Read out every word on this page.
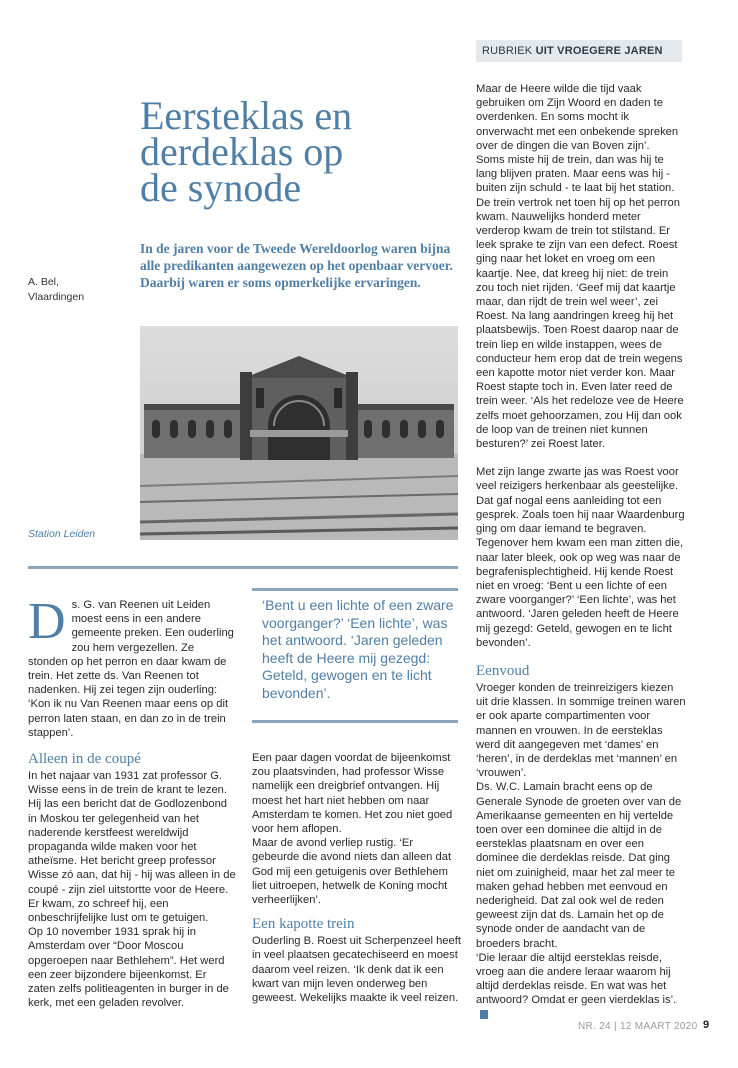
RUBRIEK UIT VROEGERE JAREN
Eersteklas en
derdeklas op
de synode
In de jaren voor de Tweede Wereldoorlog waren bijna alle predikanten aangewezen op het openbaar vervoer. Daarbij waren er soms opmerkelijke ervaringen.
A. Bel,
Vlaardingen
Station Leiden
D s. G. van Reenen uit Leiden moest eens in een andere gemeente preken. Een ouderling zou hem vergezellen. Ze stonden op het perron en daar kwam de trein. Het zette ds. Van Reenen tot nadenken. Hij zei tegen zijn ouderling: ‘Kon ik nu Van Reenen maar eens op dit perron laten staan, en dan zo in de trein stappen’.

Alleen in de coupé

In het najaar van 1931 zat professor G. Wisse eens in de trein de krant te lezen. Hij las een bericht dat de Godlozenbond in Moskou ter gelegenheid van het naderende kerstfeest wereldwijd propaganda wilde maken voor het atheïsme. Het bericht greep professor Wisse zó aan, dat hij - hij was alleen in de coupé - zijn ziel uitstortte voor de Heere. Er kwam, zo schreef hij, een onbeschrijfelijke lust om te getuigen.

Op 10 november 1931 sprak hij in Amsterdam over “Door Moscou opgeroepen naar Bethlehem”. Het werd een zeer bijzondere bijeenkomst. Er zaten zelfs politieagenten in burger in de kerk, met een geladen revolver.

‘Bent u een lichte of een zware voorganger?’ ‘Een lichte’, was het antwoord. ‘Jaren geleden heeft de Heere mij gezegd: Geteld, gewogen en te licht bevonden’.

Een paar dagen voordat de bijeenkomst zou plaatsvinden, had professor Wisse namelijk een dreigbrief ontvangen. Hij moest het hart niet hebben om naar Amsterdam te komen. Het zou niet goed voor hem aflopen.

Maar de avond verliep rustig. ‘Er gebeurde die avond niets dan alleen dat God mij een getuigenis over Bethlehem liet uitroepen, hetwelk de Koning mocht verheerlijken’.

Een kapotte trein

Ouderling B. Roest uit Scherpenzeel heeft in veel plaatsen gecatechiseerd en moest daarom veel reizen. ‘Ik denk dat ik een kwart van mijn leven onderweg ben geweest. Wekelijks maakte ik veel reizen.

Maar de Heere wilde die tijd vaak gebruiken om Zijn Woord en daden te overdenken. En soms mocht ik onverwacht met een onbekende spreken over de dingen die van Boven zijn’.

Soms miste hij de trein, dan was hij te lang blijven praten. Maar eens was hij - buiten zijn schuld - te laat bij het station. De trein vertrok net toen hij op het perron kwam. Nauwelijks honderd meter verderop kwam de trein tot stilstand. Er leek sprake te zijn van een defect. Roest ging naar het loket en vroeg om een kaartje. Nee, dat kreeg hij niet: de trein zou toch niet rijden. ‘Geef mij dat kaartje maar, dan rijdt de trein wel weer’, zei Roest. Na lang aandringen kreeg hij het plaatsbewijs. Toen Roest daarop naar de trein liep en wilde instappen, wees de conducteur hem erop dat de trein wegens een kapotte motor niet verder kon. Maar Roest stapte toch in. Even later reed de trein weer. ‘Als het redeloze vee de Heere zelfs moet gehoorzamen, zou Hij dan ook de loop van de treinen niet kunnen besturen?’ zei Roest later.

Met zijn lange zwarte jas was Roest voor veel reizigers herkenbaar als geestelijke. Dat gaf nogal eens aanleiding tot een gesprek. Zoals toen hij naar Waardenburg ging om daar iemand te begraven. Tegenover hem kwam een man zitten die, naar later bleek, ook op weg was naar de begrafenisplechtigheid. Hij kende Roest niet en vroeg: ‘Bent u een lichte of een zware voorganger?’ ‘Een lichte’, was het antwoord. ‘Jaren geleden heeft de Heere mij gezegd: Geteld, gewogen en te licht bevonden’.

Eenvoud

Vroeger konden de treinreizigers kiezen uit drie klassen. In sommige treinen waren er ook aparte compartimenten voor mannen en vrouwen. In de eersteklas werd dit aangegeven met ‘dames’ en ‘heren’, in de derdeklas met ‘mannen’ en ‘vrouwen’.

Ds. W.C. Lamain bracht eens op de Generale Synode de groeten over van de Amerikaanse gemeenten en hij vertelde toen over een dominee die altijd in de eersteklas plaatsnam en over een dominee die derdeklas reisde. Dat ging niet om zuinigheid, maar het zal meer te maken gehad hebben met eenvoud en nederigheid. Dat zal ook wel de reden geweest zijn dat ds. Lamain het op de synode onder de aandacht van de broeders bracht.

‘Die leraar die altijd eersteklas reisde, vroeg aan die andere leraar waarom hij altijd derdeklas reisde. En wat was het antwoord? Omdat er geen vierdeklas is’.

NR. 24 | 12 MAART 2020 9
